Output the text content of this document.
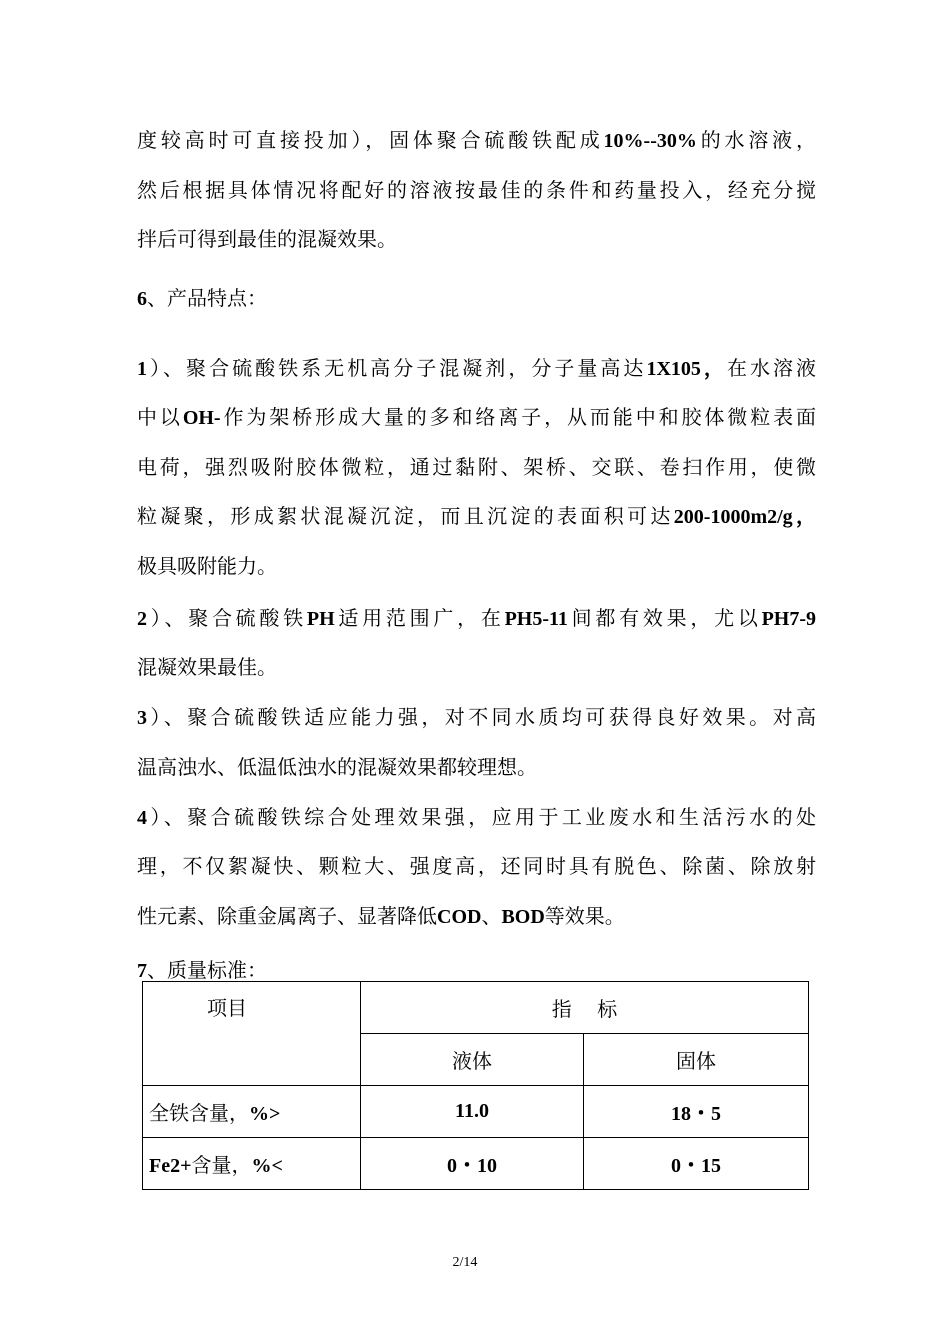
度较高时可直接投加），固体聚合硫酸铁配成10%--30%的水溶液，
然后根据具体情况将配好的溶液按最佳的条件和药量投入，经充分搅
拌后可得到最佳的混凝效果。
6、产品特点：
1）、聚合硫酸铁系无机高分子混凝剂，分子量高达1X105，在水溶液
中以OH-作为架桥形成大量的多和络离子，从而能中和胶体微粒表面
电荷，强烈吸附胶体微粒，通过黏附、架桥、交联、卷扫作用，使微
粒凝聚，形成絮状混凝沉淀，而且沉淀的表面积可达200-1000m2/g，
极具吸附能力。
2）、聚合硫酸铁PH适用范围广，在PH5-11间都有效果，尤以PH7-9
混凝效果最佳。
3）、聚合硫酸铁适应能力强，对不同水质均可获得良好效果。对高
温高浊水、低温低浊水的混凝效果都较理想。
4）、聚合硫酸铁综合处理效果强，应用于工业废水和生活污水的处
理，不仅絮凝快、颗粒大、强度高，还同时具有脱色、除菌、除放射
性元素、除重金属离子、显著降低COD、BOD等效果。
7、质量标准：
项目	指    标	
	液体	固体
全铁含量，%>	11.0	18・5
Fe2+含量，%<	0・10	0・15
2/14
